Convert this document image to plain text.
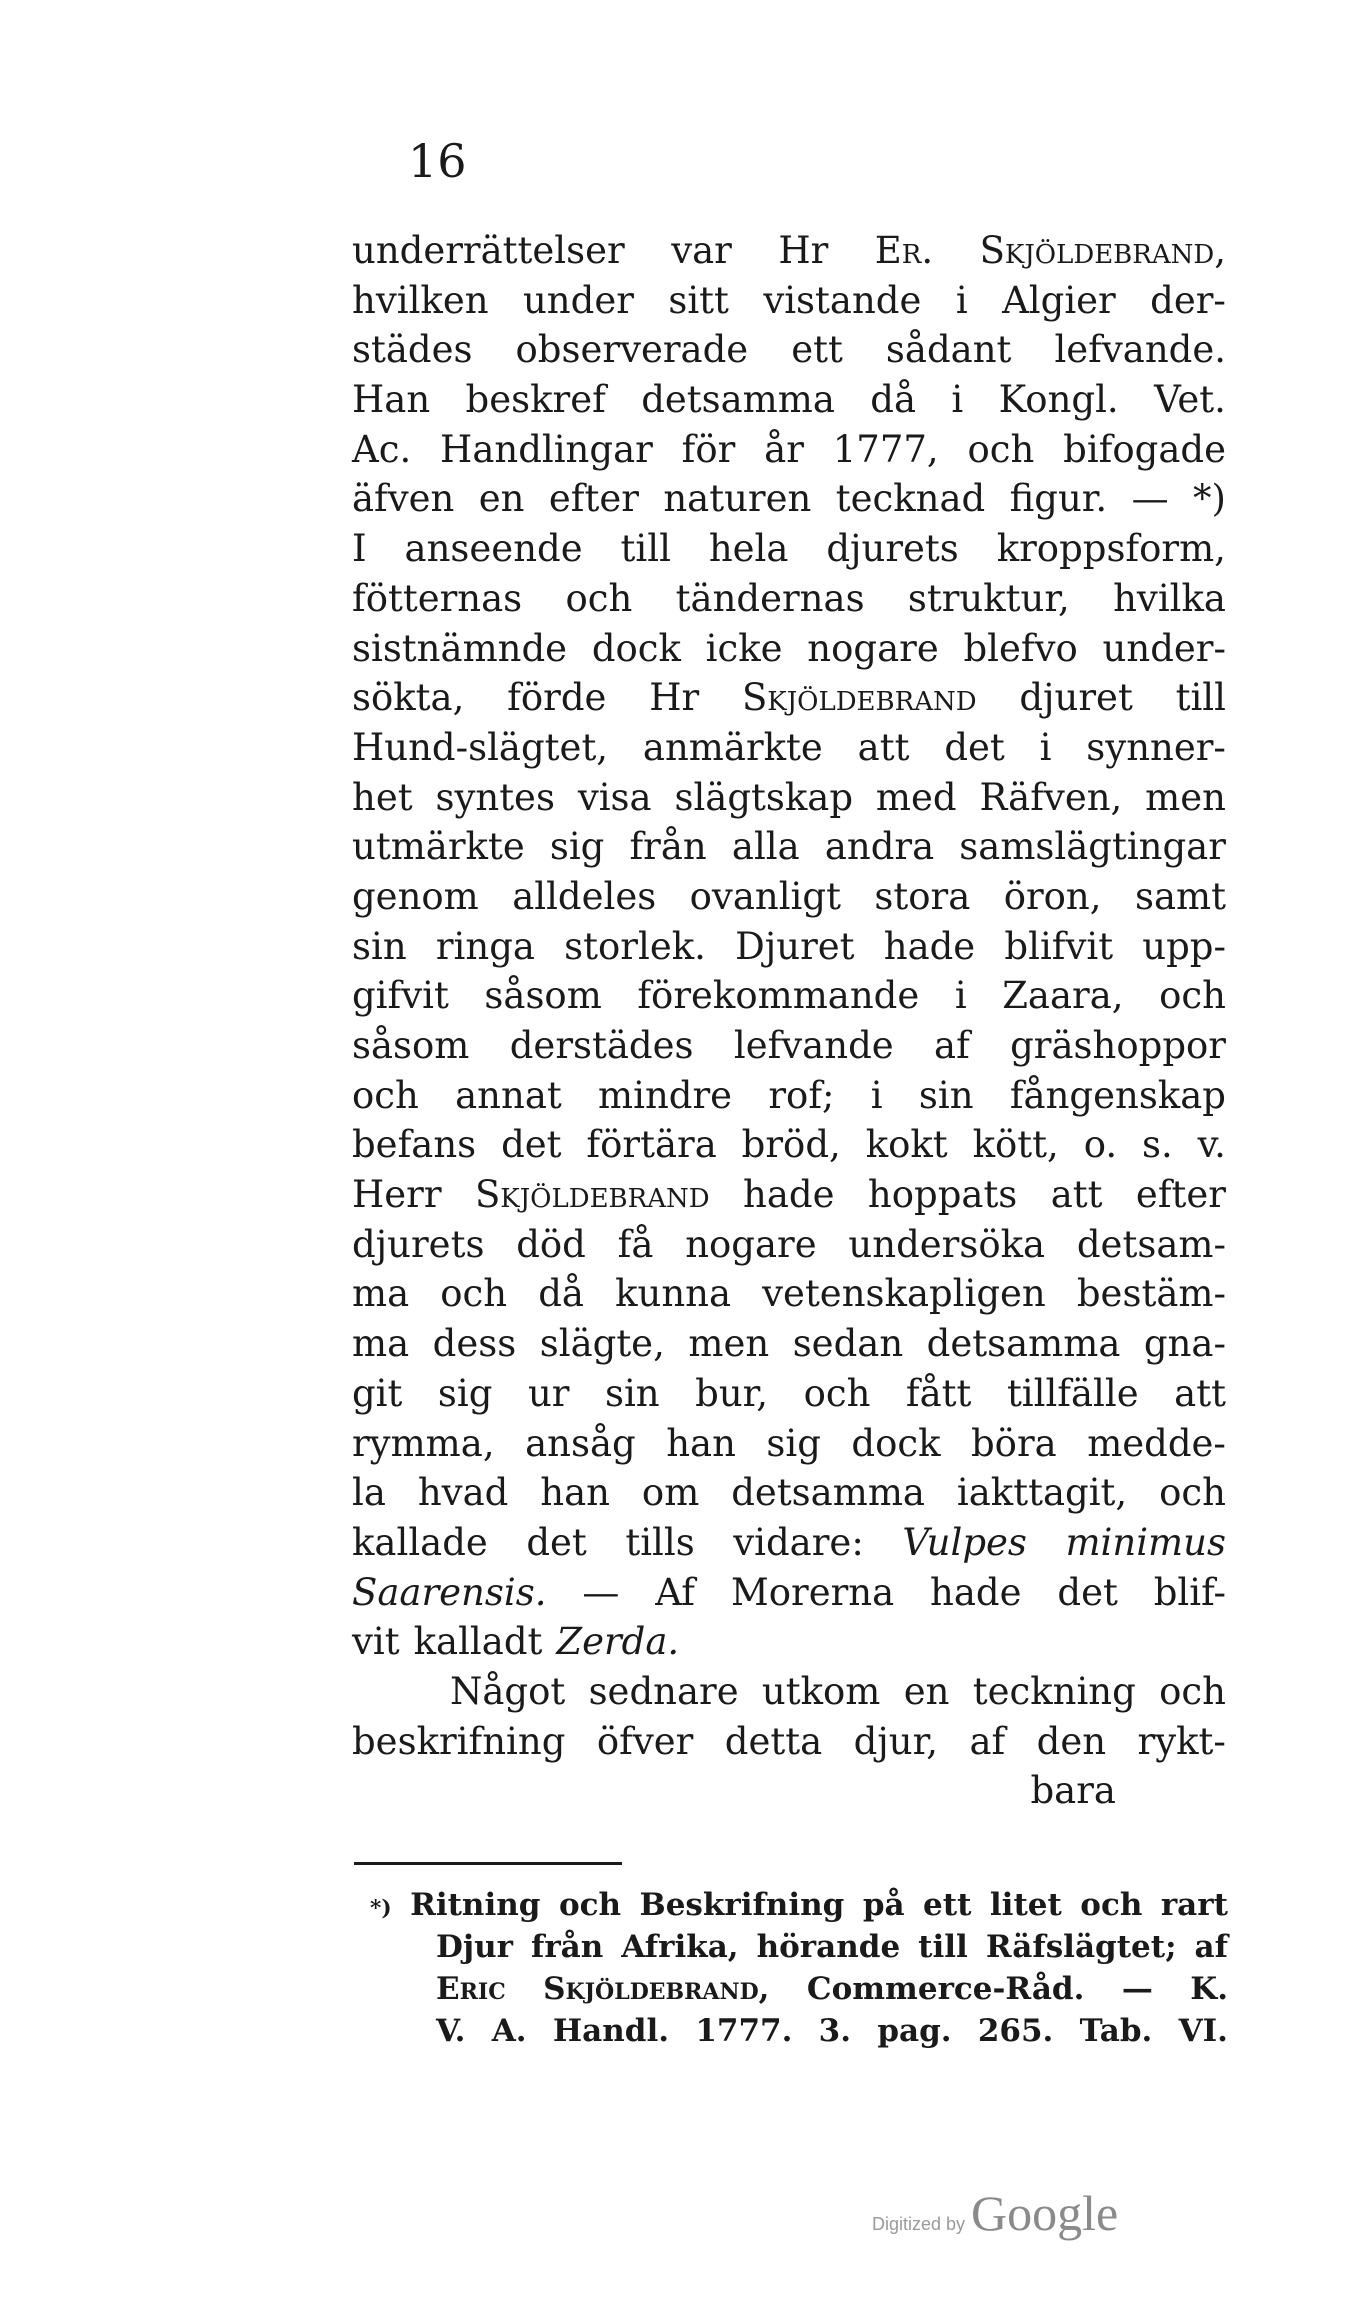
16
underrättelser var Hr Er. Skjöldebrand,
hvilken under sitt vistande i Algier der-
städes observerade ett sådant lefvande.
Han beskref detsamma då i Kongl. Vet.
Ac. Handlingar för år 1777, och bifogade
äfven en efter naturen tecknad figur. — *)
I anseende till hela djurets kroppsform,
fötternas och tändernas struktur, hvilka
sistnämnde dock icke nogare blefvo under-
sökta, förde Hr Skjöldebrand djuret till
Hund-slägtet, anmärkte att det i synner-
het syntes visa slägtskap med Räfven, men
utmärkte sig från alla andra samslägtingar
genom alldeles ovanligt stora öron, samt
sin ringa storlek. Djuret hade blifvit upp-
gifvit såsom förekommande i Zaara, och
såsom derstädes lefvande af gräshoppor
och annat mindre rof; i sin fångenskap
befans det förtära bröd, kokt kött, o. s. v.
Herr Skjöldebrand hade hoppats att efter
djurets död få nogare undersöka detsam-
ma och då kunna vetenskapligen bestäm-
ma dess slägte, men sedan detsamma gna-
git sig ur sin bur, och fått tillfälle att
rymma, ansåg han sig dock böra medde-
la hvad han om detsamma iakttagit, och
kallade det tills vidare: Vulpes minimus
Saarensis. — Af Morerna hade det blif-
vit kalladt Zerda.
Något sednare utkom en teckning och
beskrifning öfver detta djur, af den rykt-
bara
*) Ritning och Beskrifning på ett litet och rart
Djur från Afrika, hörande till Räfslägtet; af
Eric Skjöldebrand, Commerce-Råd. — K.
V. A. Handl. 1777. 3. pag. 265. Tab. VI.
Digitized by Google
